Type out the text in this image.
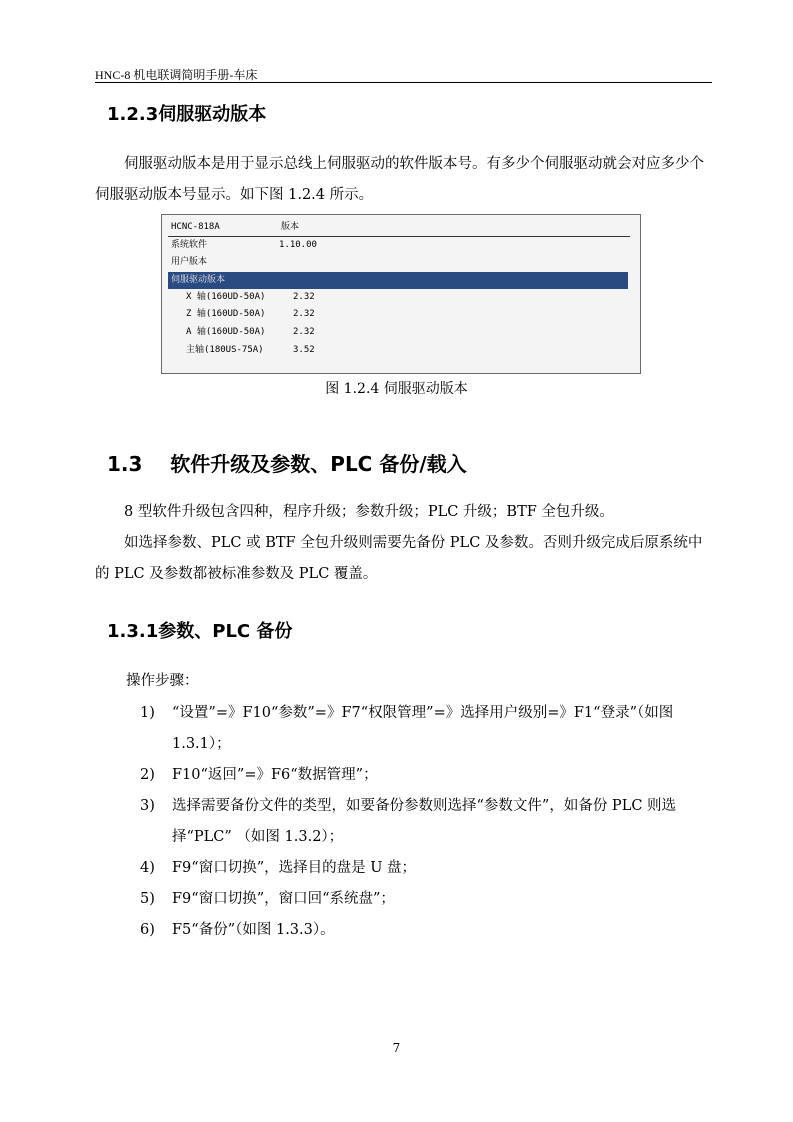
HNC-8 机电联调简明手册-车床
1.2.3伺服驱动版本
伺服驱动版本是用于显示总线上伺服驱动的软件版本号。有多少个伺服驱动就会对应多少个伺服驱动版本号显示。如下图 1.2.4 所示。
HCNC-818A	版本
系统软件	1.10.00
用户版本
伺服驱动版本
X 轴(160UD-50A)	2.32
Z 轴(160UD-50A)	2.32
A 轴(160UD-50A)	2.32
主轴(180US-75A)	3.52
图 1.2.4 伺服驱动版本
1.3    软件升级及参数、PLC 备份/载入
8 型软件升级包含四种，程序升级；参数升级；PLC 升级；BTF 全包升级。
如选择参数、PLC 或 BTF 全包升级则需要先备份 PLC 及参数。否则升级完成后原系统中的 PLC 及参数都被标准参数及 PLC 覆盖。
1.3.1参数、PLC 备份
操作步骤：
1) “设置”=》F10“参数”=》F7“权限管理”=》选择用户级别=》F1“登录”（如图 1.3.1）；
2) F10“返回”=》F6“数据管理”；
3) 选择需要备份文件的类型，如要备份参数则选择“参数文件”，如备份 PLC 则选择“PLC” （如图 1.3.2）；
4) F9“窗口切换”，选择目的盘是 U 盘；
5) F9“窗口切换”，窗口回“系统盘”；
6) F5“备份”（如图 1.3.3）。
7
